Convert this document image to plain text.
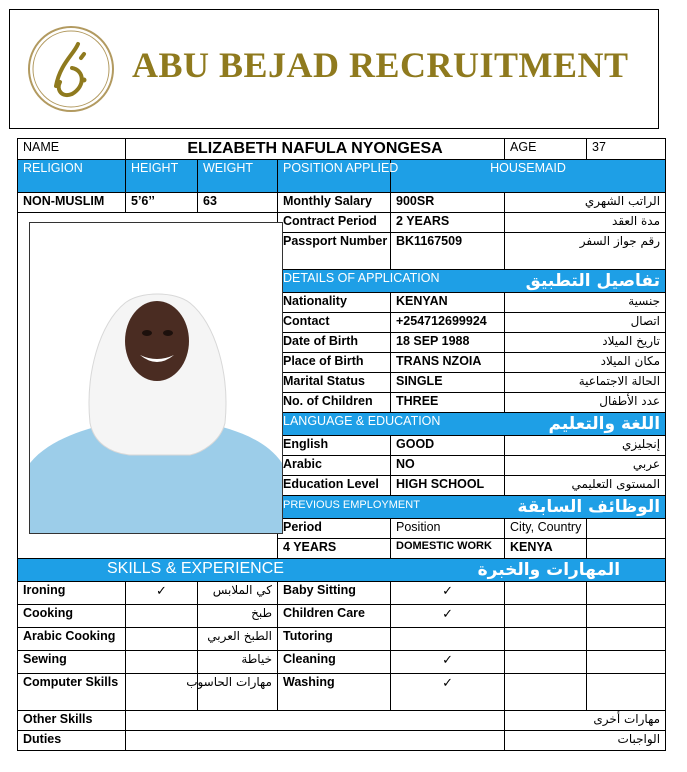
ABU BEJAD RECRUITMENT
NAME	ELIZABETH NAFULA NYONGESA				AGE	37
RELIGION	HEIGHT	WEIGHT	POSITION APPLIED	HOUSEMAID		
NON-MUSLIM	5’6’’	63	Monthly Salary	900SR	الراتب الشهري	

	Contract Period	2 YEARS	مدة العقد	
			Passport Number	BK1167509	رقم جواز السفر	
			DETAILS OF APPLICATION تفاصيل التطبيق			

			Nationality	KENYAN	جنسية	
			Contact	+254712699924	اتصال	
			Date of Birth	18 SEP 1988	تاريخ الميلاد	
			Place of Birth	TRANS NZOIA	مكان الميلاد	
			Marital Status	SINGLE	الحالة الاجتماعية	
			No. of Children	THREE	عدد الأطفال	
			LANGUAGE & EDUCATION اللغة والتعليم			

			English	GOOD	إنجليزي	
			Arabic	NO	عربي	
			Education Level	HIGH SCHOOL	المستوى التعليمي	
			PREVIOUS EMPLOYMENT الوظائف السابقة			

			Period	Position	City, Country	
			4 YEARS	DOMESTIC WORK	KENYA	
SKILLS & EXPERIENCE المهارات والخبرة						

Ironing	✓	كي الملابس	Baby Sitting	✓		
Cooking		طبخ	Children Care	✓		
Arabic Cooking		الطبخ العربي	Tutoring			
Sewing		خياطة	Cleaning	✓		
Computer Skills		مهارات الحاسوب	Washing	✓		
Other Skills					مهارات أخرى	
Duties					الواجبات	
